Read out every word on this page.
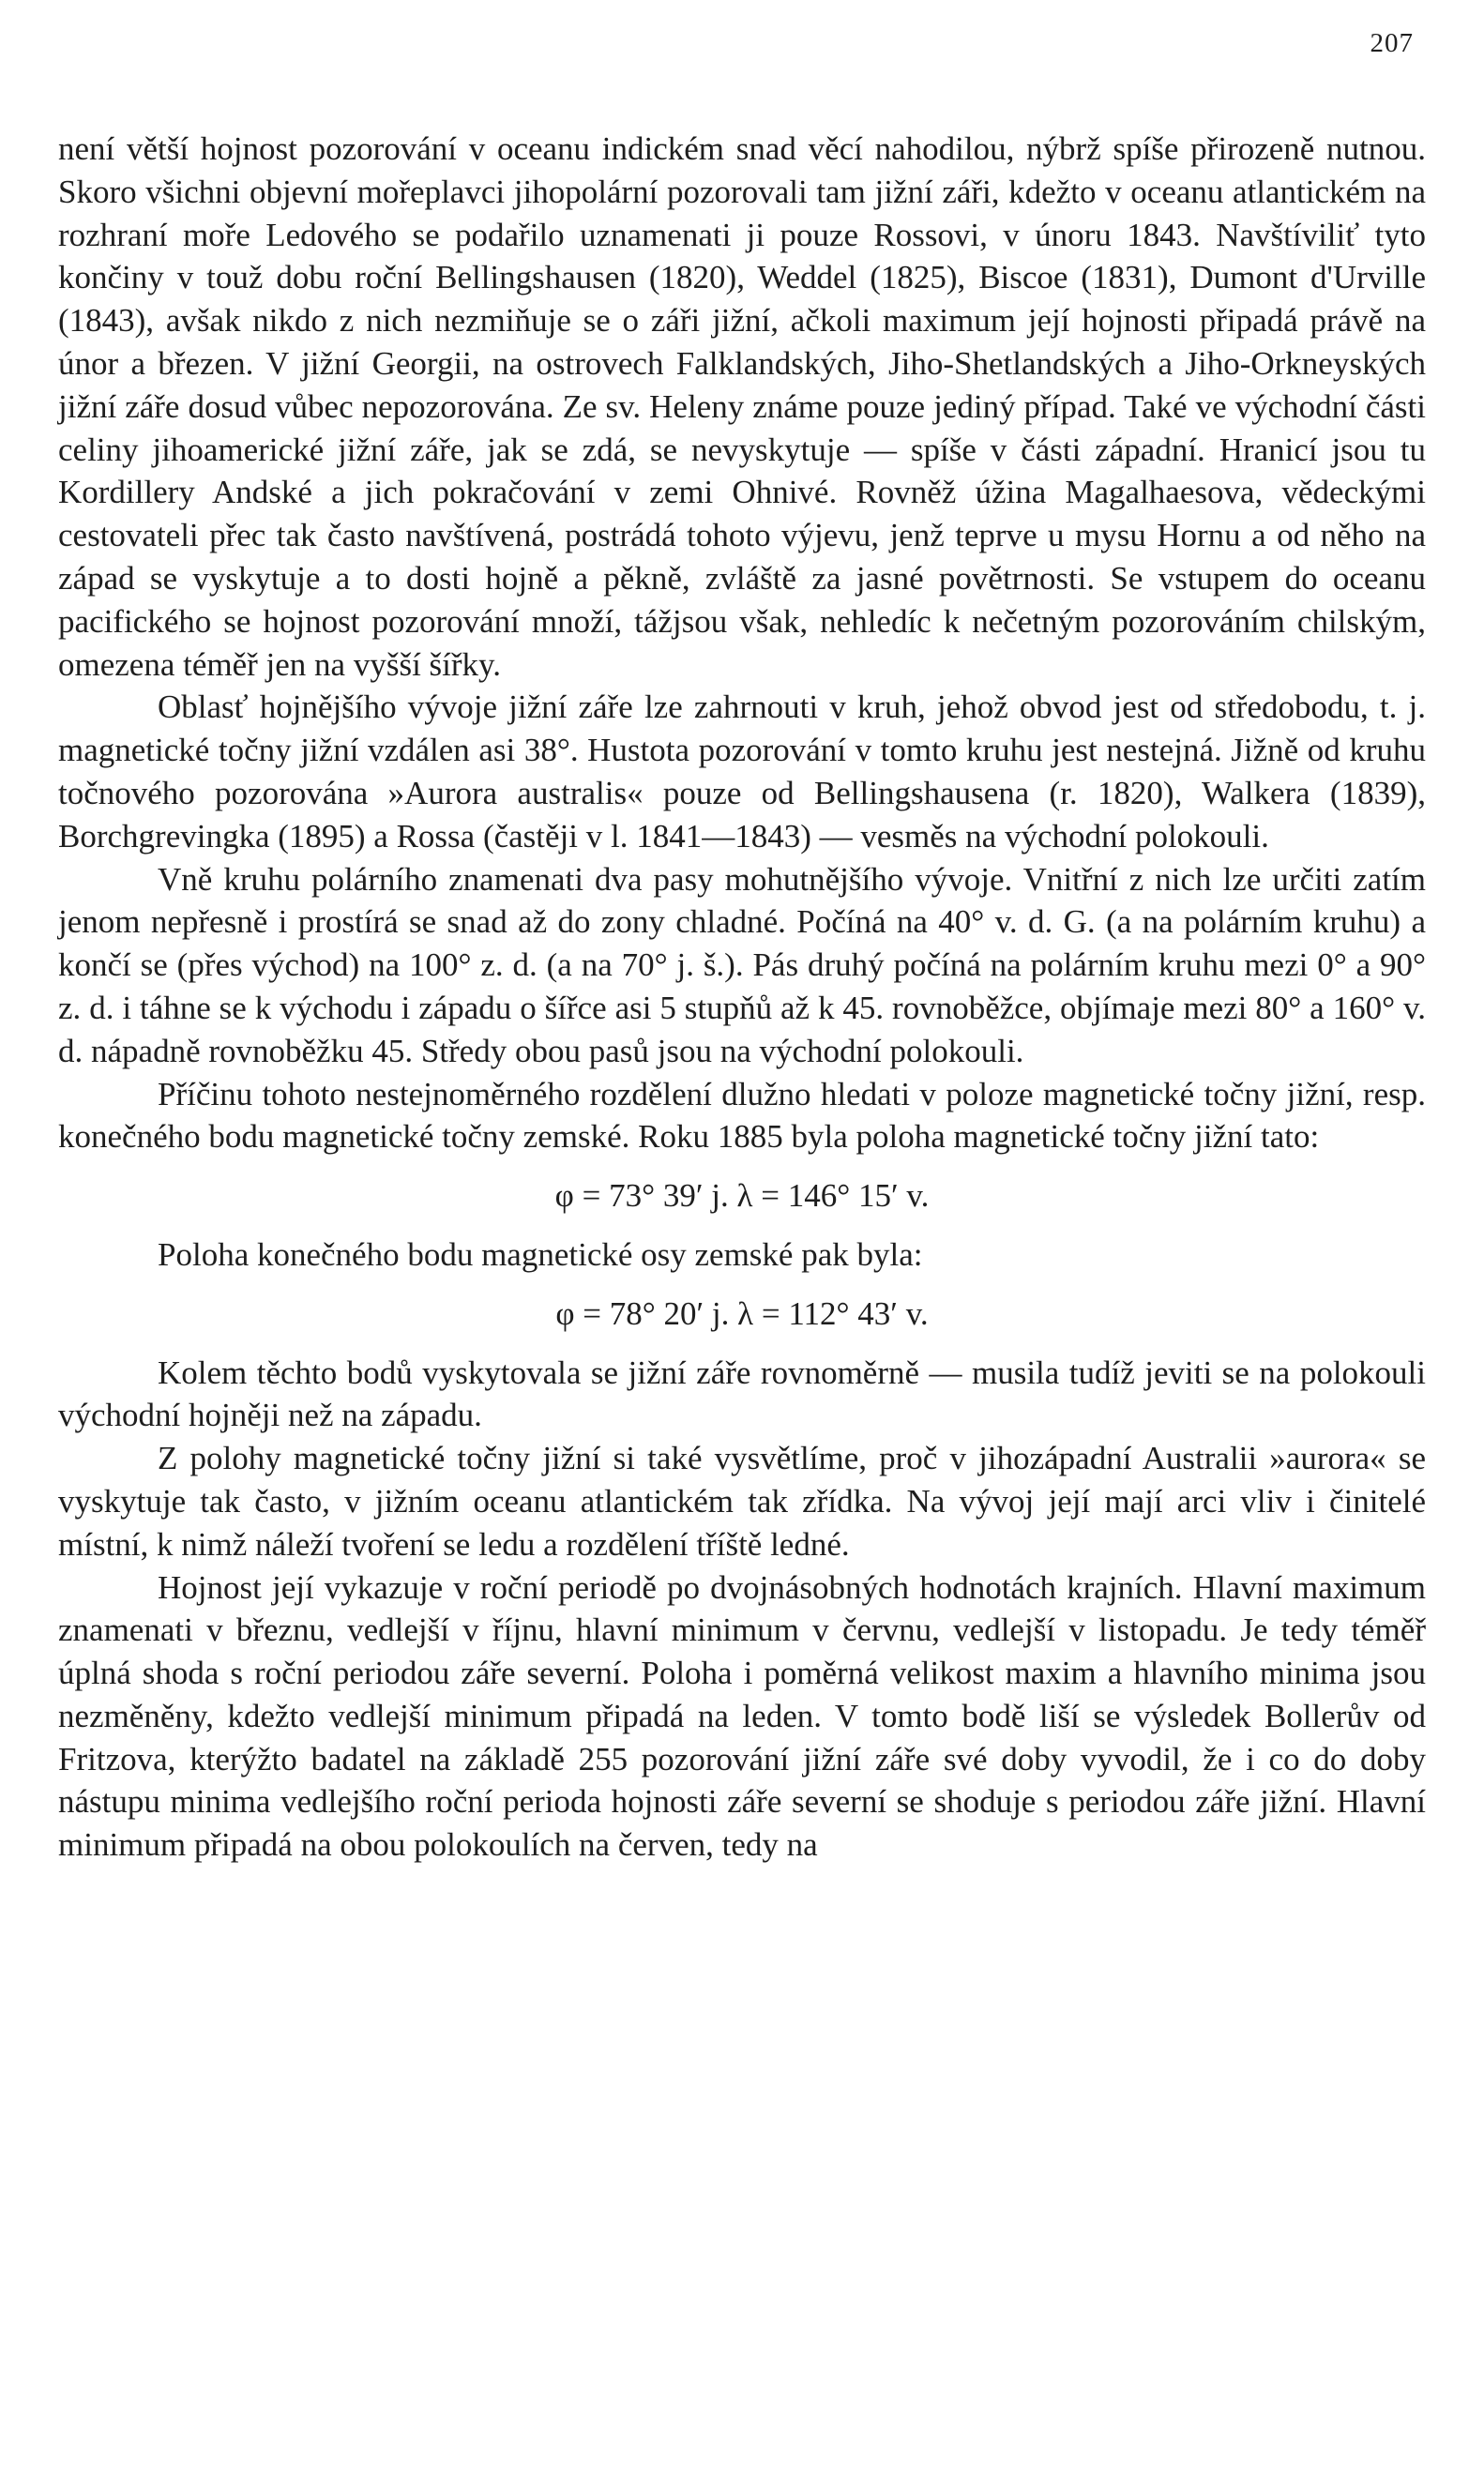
207

není větší hojnost pozorování v oceanu indickém snad věcí nahodilou, nýbrž spíše přirozeně nutnou. Skoro všichni objevní mořeplavci jihopolární pozorovali tam jižní záři, kdežto v oceanu atlantickém na rozhraní moře Ledového se podařilo uznamenati ji pouze Rossovi, v únoru 1843. Navštíviliť tyto končiny v touž dobu roční Bellingshausen (1820), Weddel (1825), Biscoe (1831), Dumont d'Urville (1843), avšak nikdo z nich nezmiňuje se o záři jižní, ačkoli maximum její hojnosti připadá právě na únor a březen. V jižní Georgii, na ostrovech Falklandských, Jiho-Shetlandských a Jiho-Orkneyských jižní záře dosud vůbec nepozorována. Ze sv. Heleny známe pouze jediný případ. Také ve východní části celiny jihoamerické jižní záře, jak se zdá, se nevyskytuje — spíše v části západní. Hranicí jsou tu Kordillery Andské a jich pokračování v zemi Ohnivé. Rovněž úžina Magalhaesova, vědeckými cestovateli přec tak často navštívená, postrádá tohoto výjevu, jenž teprve u mysu Hornu a od něho na západ se vyskytuje a to dosti hojně a pěkně, zvláště za jasné povětrnosti. Se vstupem do oceanu pacifického se hojnost pozorování množí, tážjsou však, nehledíc k nečetným pozorováním chilským, omezena téměř jen na vyšší šířky.

Oblasť hojnějšího vývoje jižní záře lze zahrnouti v kruh, jehož obvod jest od středobodu, t. j. magnetické točny jižní vzdálen asi 38°. Hustota pozorování v tomto kruhu jest nestejná. Jižně od kruhu točnového pozorována »Aurora australis« pouze od Bellingshausena (r. 1820), Walkera (1839), Borchgrevingka (1895) a Rossa (častěji v l. 1841—1843) — vesměs na východní polokouli.

Vně kruhu polárního znamenati dva pasy mohutnějšího vývoje. Vnitřní z nich lze určiti zatím jenom nepřesně i prostírá se snad až do zony chladné. Počíná na 40° v. d. G. (a na polárním kruhu) a končí se (přes východ) na 100° z. d. (a na 70° j. š.). Pás druhý počíná na polárním kruhu mezi 0° a 90° z. d. i táhne se k východu i západu o šířce asi 5 stupňů až k 45. rovnoběžce, objímaje mezi 80° a 160° v. d. nápadně rovnoběžku 45. Středy obou pasů jsou na východní polokouli.

Příčinu tohoto nestejnoměrného rozdělení dlužno hledati v poloze magnetické točny jižní, resp. konečného bodu magnetické točny zemské. Roku 1885 byla poloha magnetické točny jižní tato:

φ = 73° 39′ j. λ = 146° 15′ v.

Poloha konečného bodu magnetické osy zemské pak byla:

φ = 78° 20′ j. λ = 112° 43′ v.

Kolem těchto bodů vyskytovala se jižní záře rovnoměrně — musila tudíž jeviti se na polokouli východní hojněji než na západu.

Z polohy magnetické točny jižní si také vysvětlíme, proč v jihozápadní Australii »aurora« se vyskytuje tak často, v jižním oceanu atlantickém tak zřídka. Na vývoj její mají arci vliv i činitelé místní, k nimž náleží tvoření se ledu a rozdělení tříště ledné.

Hojnost její vykazuje v roční periodě po dvojnásobných hodnotách krajních. Hlavní maximum znamenati v březnu, vedlejší v říjnu, hlavní minimum v červnu, vedlejší v listopadu. Je tedy téměř úplná shoda s roční periodou záře severní. Poloha i poměrná velikost maxim a hlavního minima jsou nezměněny, kdežto vedlejší minimum připadá na leden. V tomto bodě liší se výsledek Bollerův od Fritzova, kterýžto badatel na základě 255 pozorování jižní záře své doby vyvodil, že i co do doby nástupu minima vedlejšího roční perioda hojnosti záře severní se shoduje s periodou záře jižní. Hlavní minimum připadá na obou polokoulích na červen, tedy na
